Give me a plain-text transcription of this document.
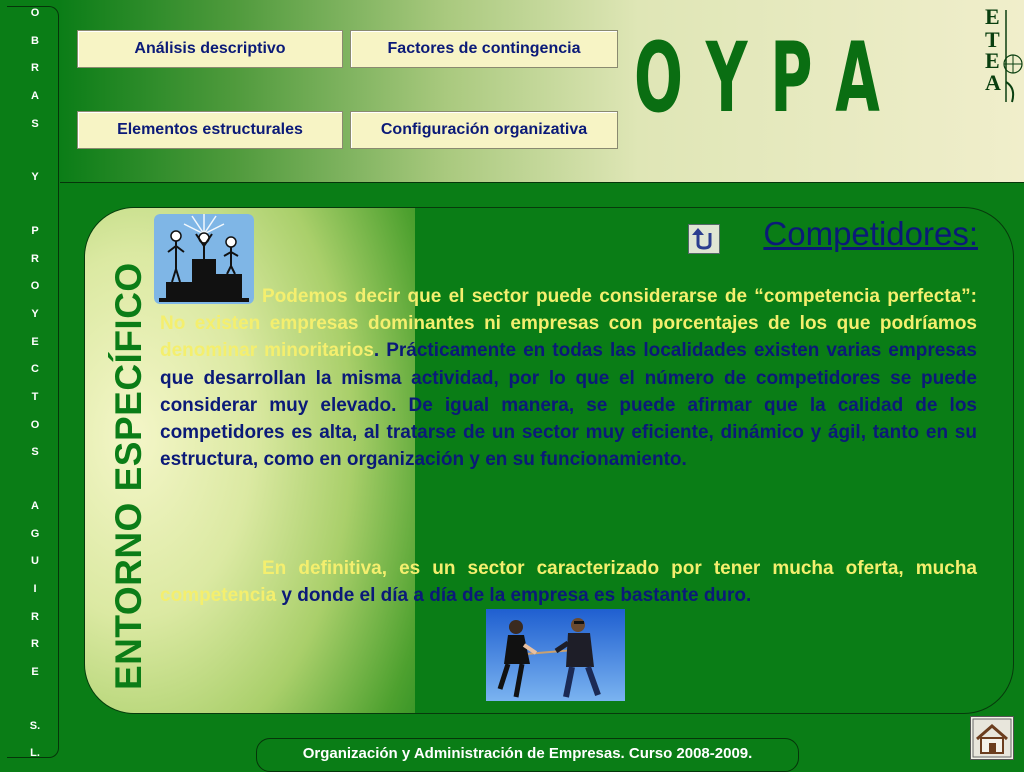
O
B
R
A
S
Y
P
R
O
Y
E
C
T
O
S
A
G
U
I
R
R
E
S.
L.
Análisis descriptivo	Factores de contingencia
Elementos estructurales	Configuración organizativa O Y P A
E
T
E
A
ENTORNO ESPECÍFICO
Competidores:
Podemos decir que el sector puede considerarse de “competencia perfecta”: No existen empresas dominantes ni empresas con porcentajes de los que podríamos denominar minoritarios. Prácticamente en todas las localidades existen varias empresas que desarrollan la misma actividad, por lo que el número de competidores se puede considerar muy elevado. De igual manera, se puede afirmar que la calidad de los competidores es alta, al tratarse de un sector muy eficiente, dinámico y ágil, tanto en su estructura, como en organización y en su funcionamiento.
En definitiva, es un sector caracterizado por tener mucha oferta, mucha competencia y donde el día a día de la empresa es bastante duro.
Organización y Administración de Empresas. Curso 2008-2009.
